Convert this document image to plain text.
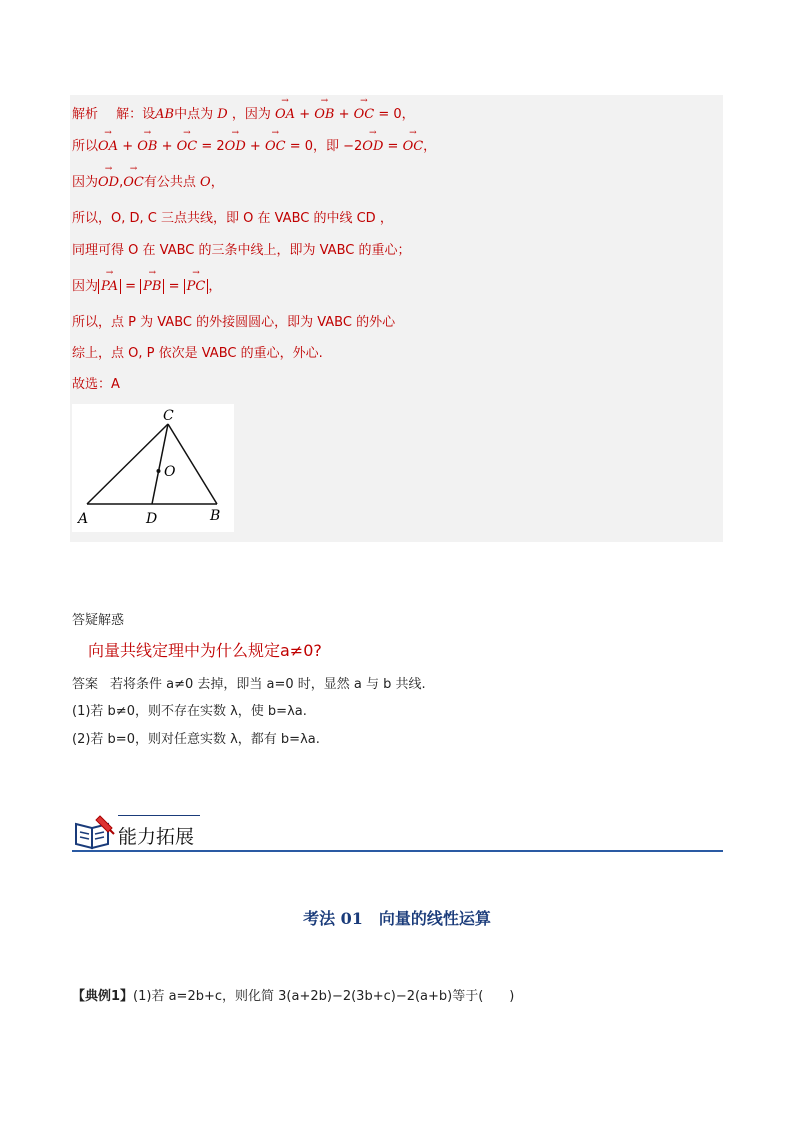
解析 解：设AB中点为 D ，因为 → OA + → OB + → OC = 0，
所以→ OA + → OB + → OC = 2→ OD + → OC = 0，即 −2→ OD = → OC，
因为→ OD,→ OC有公共点 O，
所以，O, D, C 三点共线，即 O 在 VABC 的中线 CD ，
同理可得 O 在 VABC 的三条中线上，即为 VABC 的重心；
因为 → PA = → PB = → PC ，
所以，点 P 为 VABC 的外接圆圆心，即为 VABC 的外心
综上，点 O, P 依次是 VABC 的重心，外心.
故选：A
C
O
A	D	B
答疑解惑
向量共线定理中为什么规定a≠0?
答案 若将条件 a≠0 去掉，即当 a=0 时，显然 a 与 b 共线.
(1)若 b≠0，则不存在实数 λ，使 b=λa.
(2)若 b=0，则对任意实数 λ，都有 b=λa.
能力拓展
考法 01　向量的线性运算
【典例1】(1)若 a=2b+c，则化简 3(a+2b)−2(3b+c)−2(a+b)等于(　　)
